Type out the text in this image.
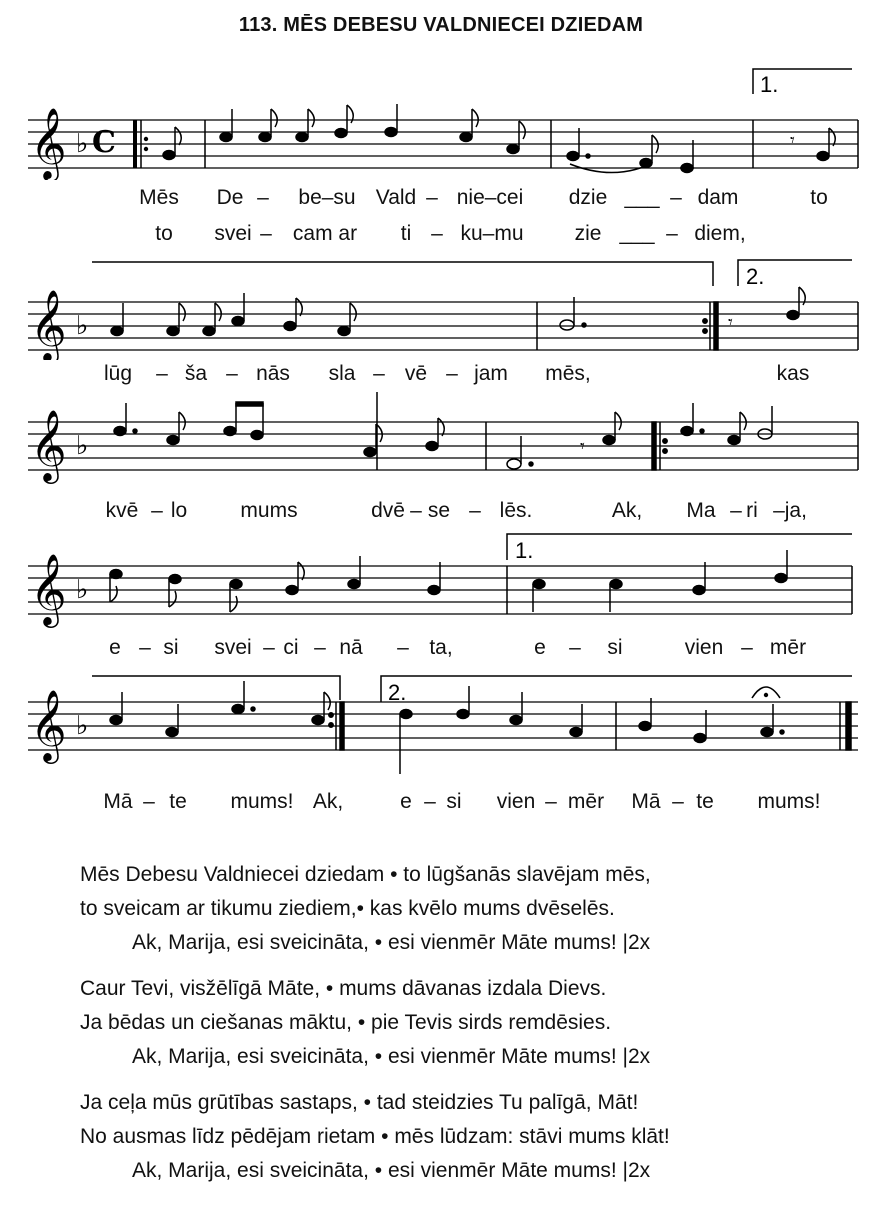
113. MĒS DEBESU VALDNIECEI DZIEDAM
𝄞 ♭ C	𝄾
1.
Mēs De – be–su Vald – nie–cei dzie ___ – dam	to
to svei – cam ar ti – ku–mu zie ___ – diem,
𝄞 ♭	𝄾
2.
lūg – ša – nās sla – vē – jam mēs,	kas
𝄞 ♭	𝄾
kvē – lo	mums	dvē – se – lēs.	Ak, Ma – ri –ja,
𝄞 ♭
1.
e – si svei – ci – nā – ta,	e – si	vien – mēr
𝄞 ♭
2.
Mā – te mums! Ak,	e – si vien – mēr Mā – te mums!
Mēs Debesu Valdniecei dziedam • to lūgšanās slavējam mēs,
to sveicam ar tikumu ziediem,• kas kvēlo mums dvēselēs.
Ak, Marija, esi sveicināta, • esi vienmēr Māte mums! |2x
Caur Tevi, visžēlīgā Māte, • mums dāvanas izdala Dievs.
Ja bēdas un ciešanas māktu, • pie Tevis sirds remdēsies.
Ak, Marija, esi sveicināta, • esi vienmēr Māte mums! |2x
Ja ceļa mūs grūtības sastaps, • tad steidzies Tu palīgā, Māt!
No ausmas līdz pēdējam rietam • mēs lūdzam: stāvi mums klāt!
Ak, Marija, esi sveicināta, • esi vienmēr Māte mums! |2x
